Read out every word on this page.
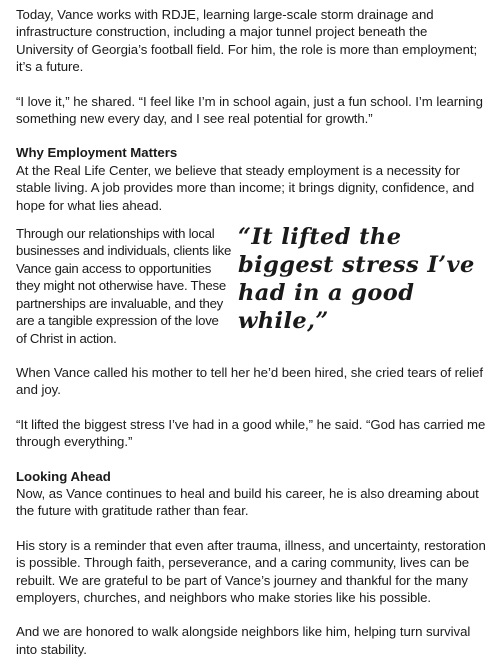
Today, Vance works with RDJE, learning large-scale storm drainage and infrastructure construction, including a major tunnel project beneath the University of Georgia’s football field. For him, the role is more than employment; it’s a future.

“I love it,” he shared. “I feel like I’m in school again, just a fun school. I’m learning something new every day, and I see real potential for growth.”

Why Employment Matters

At the Real Life Center, we believe that steady employment is a necessity for stable living. A job provides more than income; it brings dignity, confidence, and hope for what lies ahead.

Through our relationships with local businesses and individuals, clients like Vance gain access to opportunities they might not otherwise have. These partnerships are invaluable, and they are a tangible expression of the love of Christ in action.

“It lifted the biggest stress I’ve had in a good while,”

When Vance called his mother to tell her he’d been hired, she cried tears of relief and joy.

“It lifted the biggest stress I’ve had in a good while,” he said. “God has carried me through everything.”

Looking Ahead

Now, as Vance continues to heal and build his career, he is also dreaming about the future with gratitude rather than fear.

His story is a reminder that even after trauma, illness, and uncertainty, restoration is possible. Through faith, perseverance, and a caring community, lives can be rebuilt. We are grateful to be part of Vance’s journey and thankful for the many employers, churches, and neighbors who make stories like his possible.

And we are honored to walk alongside neighbors like him, helping turn survival into stability.
